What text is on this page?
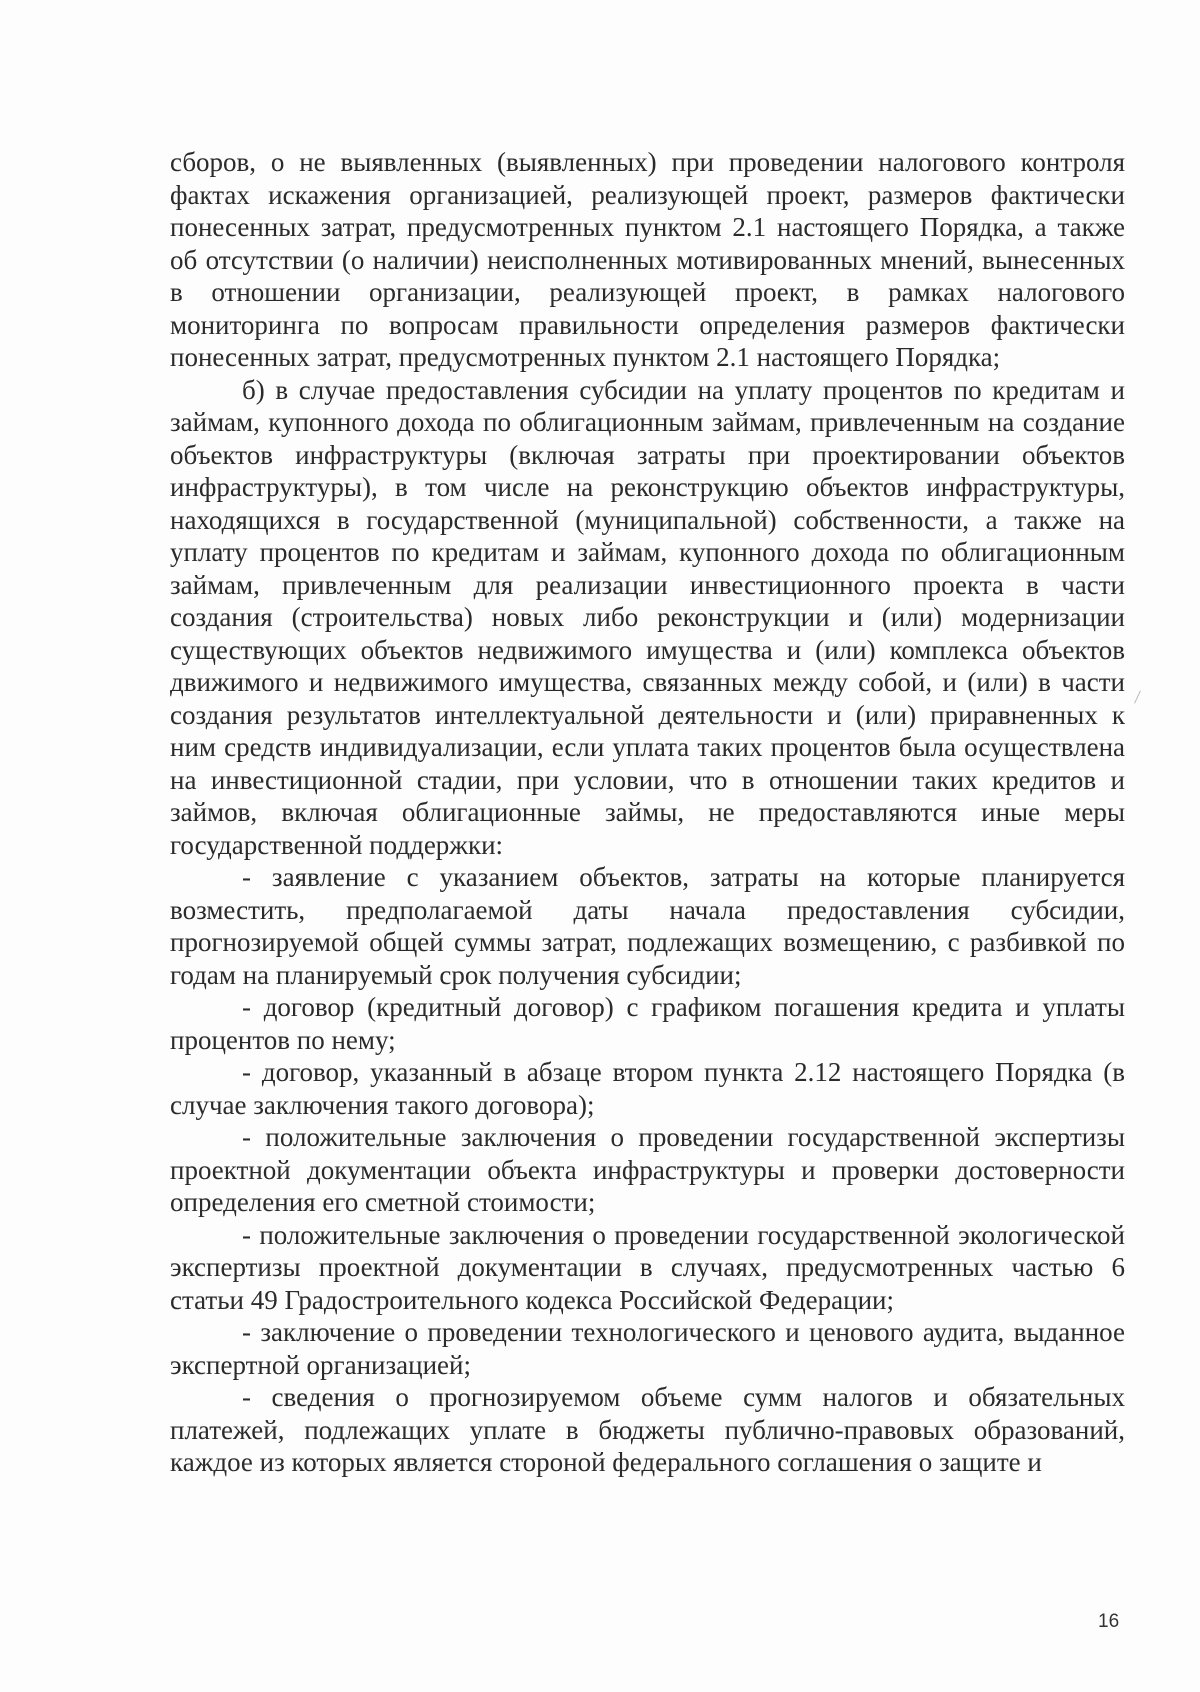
сборов, о не выявленных (выявленных) при проведении налогового контроля фактах искажения организацией, реализующей проект, размеров фактически понесенных затрат, предусмотренных пунктом 2.1 настоящего Порядка, а также об отсутствии (о наличии) неисполненных мотивированных мнений, вынесенных в отношении организации, реализующей проект, в рамках налогового мониторинга по вопросам правильности определения размеров фактически понесенных затрат, предусмотренных пунктом 2.1 настоящего Порядка;

б) в случае предоставления субсидии на уплату процентов по кредитам и займам, купонного дохода по облигационным займам, привлеченным на создание объектов инфраструктуры (включая затраты при проектировании объектов инфраструктуры), в том числе на реконструкцию объектов инфраструктуры, находящихся в государственной (муниципальной) собственности, а также на уплату процентов по кредитам и займам, купонного дохода по облигационным займам, привлеченным для реализации инвестиционного проекта в части создания (строительства) новых либо реконструкции и (или) модернизации существующих объектов недвижимого имущества и (или) комплекса объектов движимого и недвижимого имущества, связанных между собой, и (или) в части создания результатов интеллектуальной деятельности и (или) приравненных к ним средств индивидуализации, если уплата таких процентов была осуществлена на инвестиционной стадии, при условии, что в отношении таких кредитов и займов, включая облигационные займы, не предоставляются иные меры государственной поддержки:

- заявление с указанием объектов, затраты на которые планируется возместить, предполагаемой даты начала предоставления субсидии, прогнозируемой общей суммы затрат, подлежащих возмещению, с разбивкой по годам на планируемый срок получения субсидии;

- договор (кредитный договор) с графиком погашения кредита и уплаты процентов по нему;

- договор, указанный в абзаце втором пункта 2.12 настоящего Порядка (в случае заключения такого договора);

- положительные заключения о проведении государственной экспертизы проектной документации объекта инфраструктуры и проверки достоверности определения его сметной стоимости;

- положительные заключения о проведении государственной экологической экспертизы проектной документации в случаях, предусмотренных частью 6 статьи 49 Градостроительного кодекса Российской Федерации;

- заключение о проведении технологического и ценового аудита, выданное экспертной организацией;

- сведения о прогнозируемом объеме сумм налогов и обязательных платежей, подлежащих уплате в бюджеты публично-правовых образований, каждое из которых является стороной федерального соглашения о защите и

16
